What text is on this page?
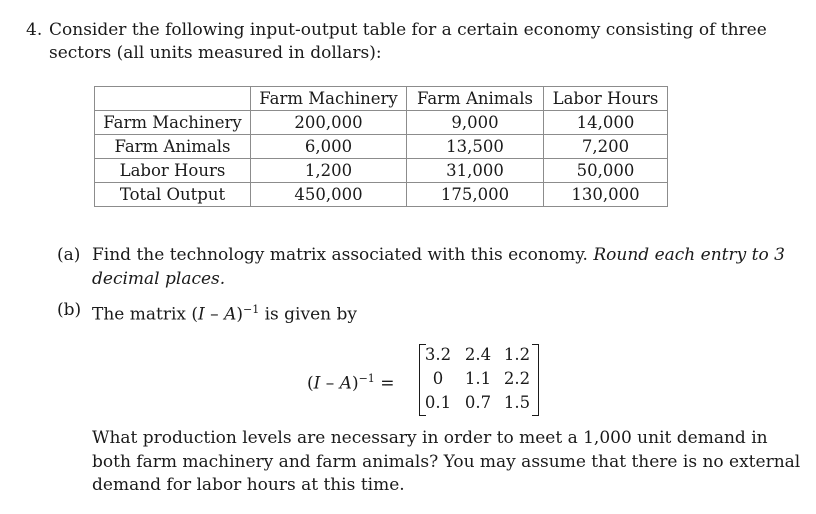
4. Consider the following input-output table for a certain economy consisting of three
sectors (all units measured in dollars):
	Farm Machinery	Farm Animals	Labor Hours
Farm Machinery	200,000	9,000	14,000
Farm Animals	6,000	13,500	7,200
Labor Hours	1,200	31,000	50,000
Total Output	450,000	175,000	130,000
(a) Find the technology matrix associated with this economy. Round each entry to 3
decimal places.
(b) The matrix (I – A)$^{-1}$ is given by
(I – A)$^{-1}$ =
3.2 2.4 1.2
0	1.1 2.2
0.1 0.7 1.5
What production levels are necessary in order to meet a 1,000 unit demand in
both farm machinery and farm animals? You may assume that there is no external
demand for labor hours at this time.
